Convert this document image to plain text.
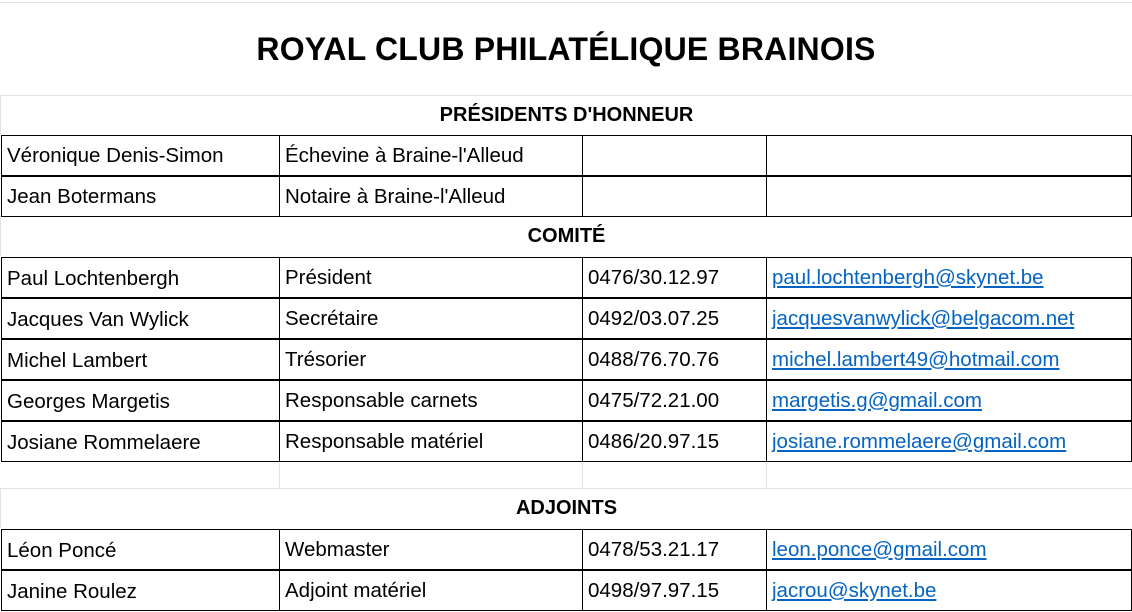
ROYAL CLUB PHILATÉLIQUE BRAINOIS
PRÉSIDENTS D'HONNEUR
Véronique Denis-Simon	Échevine à Braine-l'Alleud
Jean Botermans	Notaire à Braine-l'Alleud
COMITÉ
Paul Lochtenbergh	Président	0476/30.12.97	paul.lochtenbergh@skynet.be
Jacques Van Wylick	Secrétaire	0492/03.07.25	jacquesvanwylick@belgacom.net
Michel Lambert	Trésorier	0488/76.70.76	michel.lambert49@hotmail.com
Georges Margetis	Responsable carnets	0475/72.21.00	margetis.g@gmail.com
Josiane Rommelaere	Responsable matériel	0486/20.97.15	josiane.rommelaere@gmail.com
ADJOINTS
Léon Poncé	Webmaster	0478/53.21.17	leon.ponce@gmail.com
Janine Roulez	Adjoint matériel	0498/97.97.15	jacrou@skynet.be
